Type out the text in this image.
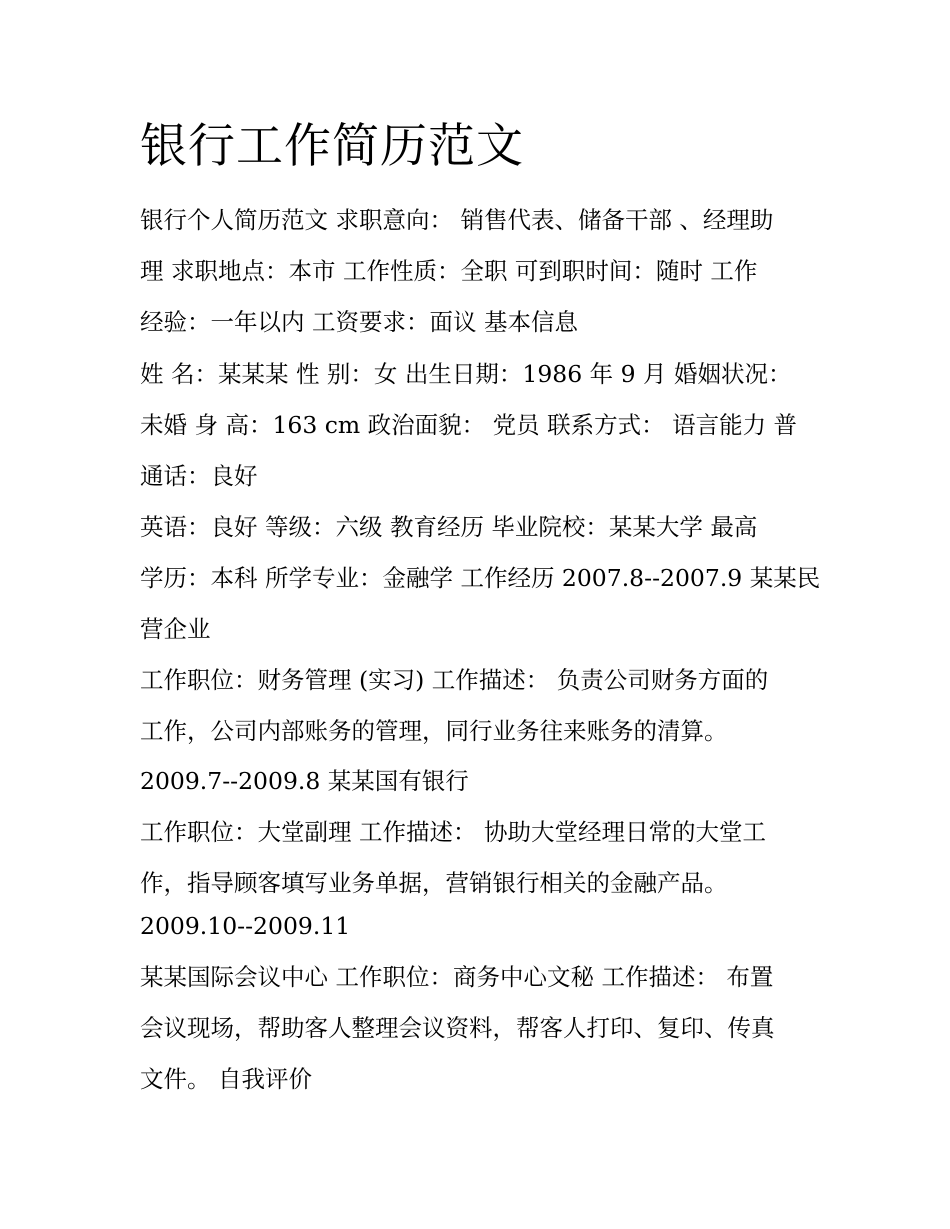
银行工作简历范文
银行个人简历范文 求职意向： 销售代表、储备干部 、经理助
理 求职地点：本市 工作性质：全职 可到职时间：随时 工作
经验：一年以内 工资要求：面议 基本信息
姓 名：某某某 性 别：女 出生日期：1986 年 9 月 婚姻状况：
未婚 身 高：163 cm 政治面貌： 党员 联系方式： 语言能力 普
通话：良好
英语：良好 等级：六级 教育经历 毕业院校：某某大学 最高
学历：本科 所学专业：金融学 工作经历 2007.8--2007.9 某某民
营企业
工作职位：财务管理 (实习) 工作描述： 负责公司财务方面的
工作，公司内部账务的管理，同行业务往来账务的清算。
2009.7--2009.8 某某国有银行
工作职位：大堂副理 工作描述： 协助大堂经理日常的大堂工
作，指导顾客填写业务单据，营销银行相关的金融产品。
2009.10--2009.11
某某国际会议中心 工作职位：商务中心文秘 工作描述： 布置
会议现场，帮助客人整理会议资料，帮客人打印、复印、传真
文件。 自我评价
